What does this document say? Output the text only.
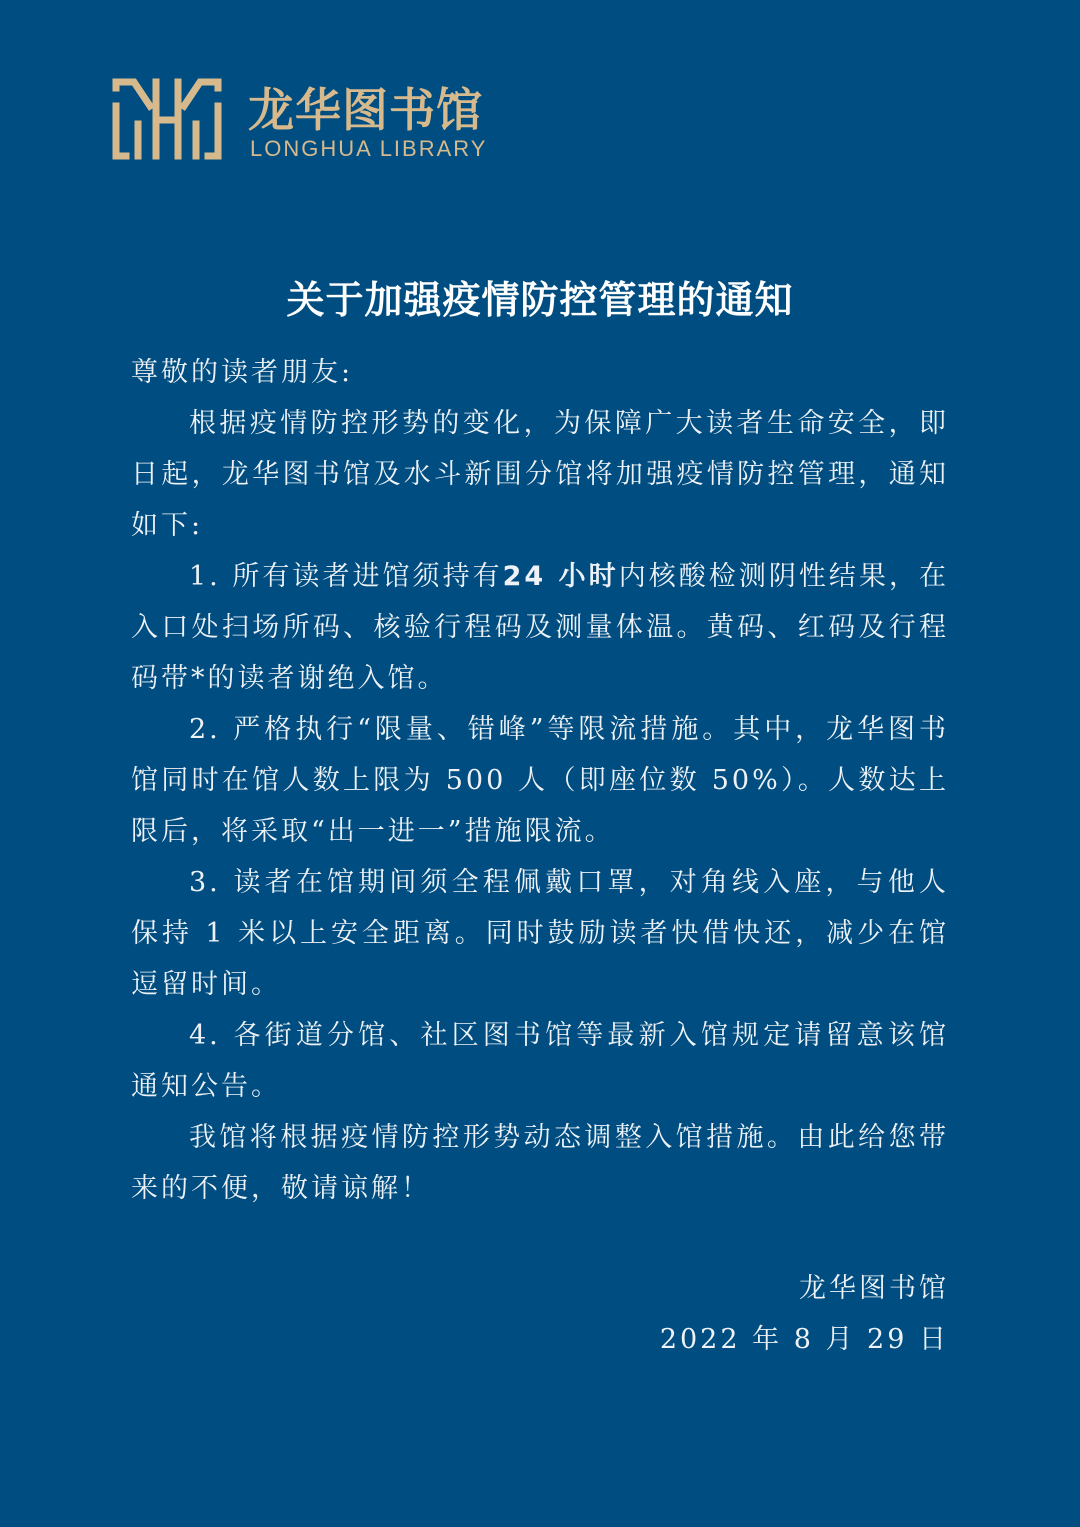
龙华图书馆
LONGHUA LIBRARY
关于加强疫情防控管理的通知

尊敬的读者朋友:

根据疫情防控形势的变化，为保障广大读者生命安全，即日起，龙华图书馆及水斗新围分馆将加强疫情防控管理，通知如下:

1. 所有读者进馆须持有24 小时内核酸检测阴性结果，在入口处扫场所码、核验行程码及测量体温。黄码、红码及行程码带*的读者谢绝入馆。

2. 严格执行“限量、错峰”等限流措施。其中，龙华图书馆同时在馆人数上限为 500 人（即座位数 50%）。人数达上限后，将采取“出一进一”措施限流。

3. 读者在馆期间须全程佩戴口罩，对角线入座，与他人保持 1 米以上安全距离。同时鼓励读者快借快还，减少在馆逗留时间。

4. 各街道分馆、社区图书馆等最新入馆规定请留意该馆通知公告。

我馆将根据疫情防控形势动态调整入馆措施。由此给您带来的不便，敬请谅解！

龙华图书馆

2022 年 8 月 29 日
